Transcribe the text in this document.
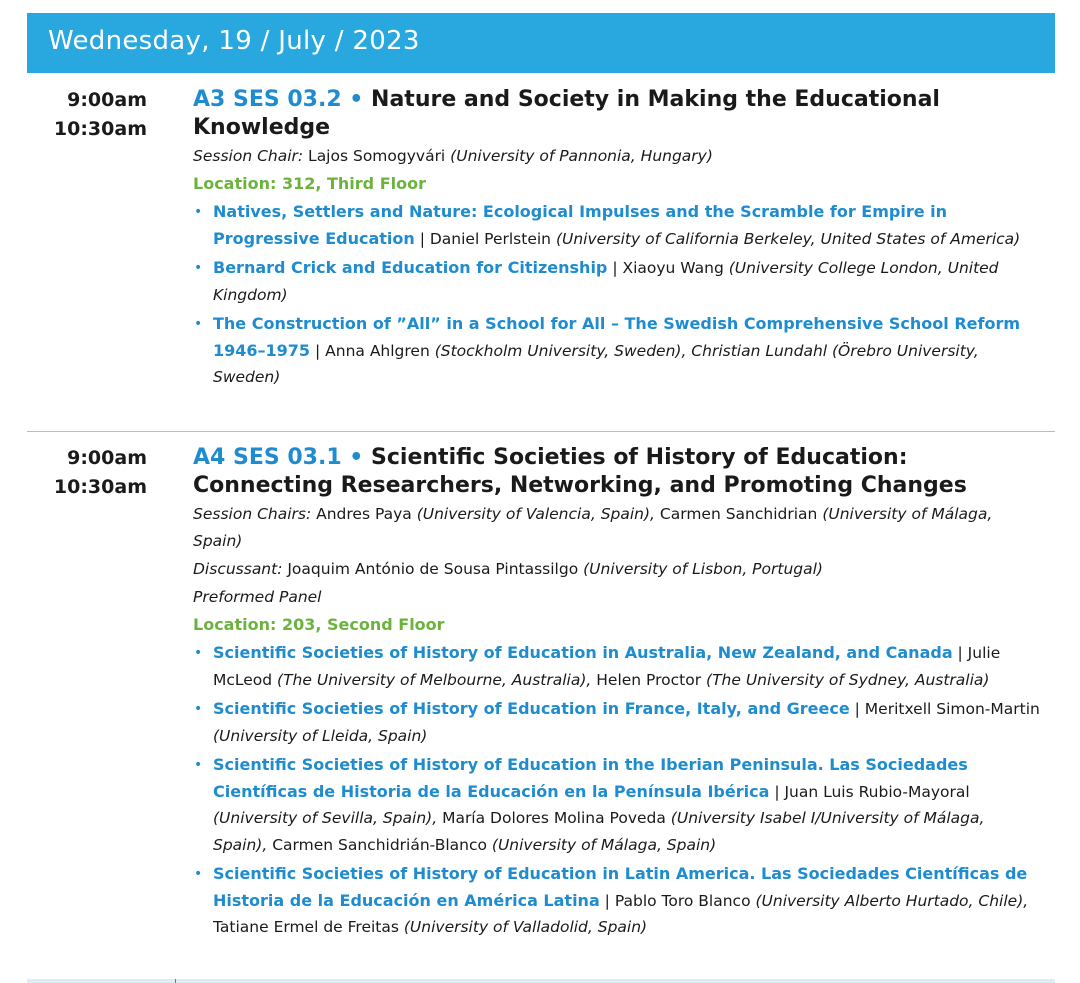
Wednesday, 19 / July / 2023
9:00am
10:30am
A3 SES 03.2 • Nature and Society in Making the Educational Knowledge
Session Chair: Lajos Somogyvári (University of Pannonia, Hungary)
Location: 312, Third Floor
• Natives, Settlers and Nature: Ecological Impulses and the Scramble for Empire in Progressive Education | Daniel Perlstein (University of California Berkeley, United States of America)
• Bernard Crick and Education for Citizenship | Xiaoyu Wang (University College London, United Kingdom)
• The Construction of ”All” in a School for All – The Swedish Comprehensive School Reform 1946–1975 | Anna Ahlgren (Stockholm University, Sweden), Christian Lundahl (Örebro University, Sweden)
9:00am
10:30am
A4 SES 03.1 • Scientific Societies of History of Education: Connecting Researchers, Networking, and Promoting Changes
Session Chairs: Andres Paya (University of Valencia, Spain), Carmen Sanchidrian (University of Málaga, Spain)
Discussant: Joaquim António de Sousa Pintassilgo (University of Lisbon, Portugal)
Preformed Panel
Location: 203, Second Floor
• Scientific Societies of History of Education in Australia, New Zealand, and Canada | Julie McLeod (The University of Melbourne, Australia), Helen Proctor (The University of Sydney, Australia)
• Scientific Societies of History of Education in France, Italy, and Greece | Meritxell Simon-Martin (University of Lleida, Spain)
• Scientific Societies of History of Education in the Iberian Peninsula. Las Sociedades Científicas de Historia de la Educación en la Península Ibérica | Juan Luis Rubio-Mayoral (University of Sevilla, Spain), María Dolores Molina Poveda (University Isabel I/University of Málaga, Spain), Carmen Sanchidrián-Blanco (University of Málaga, Spain)
• Scientific Societies of History of Education in Latin America. Las Sociedades Científicas de Historia de la Educación en América Latina | Pablo Toro Blanco (University Alberto Hurtado, Chile), Tatiane Ermel de Freitas (University of Valladolid, Spain)
